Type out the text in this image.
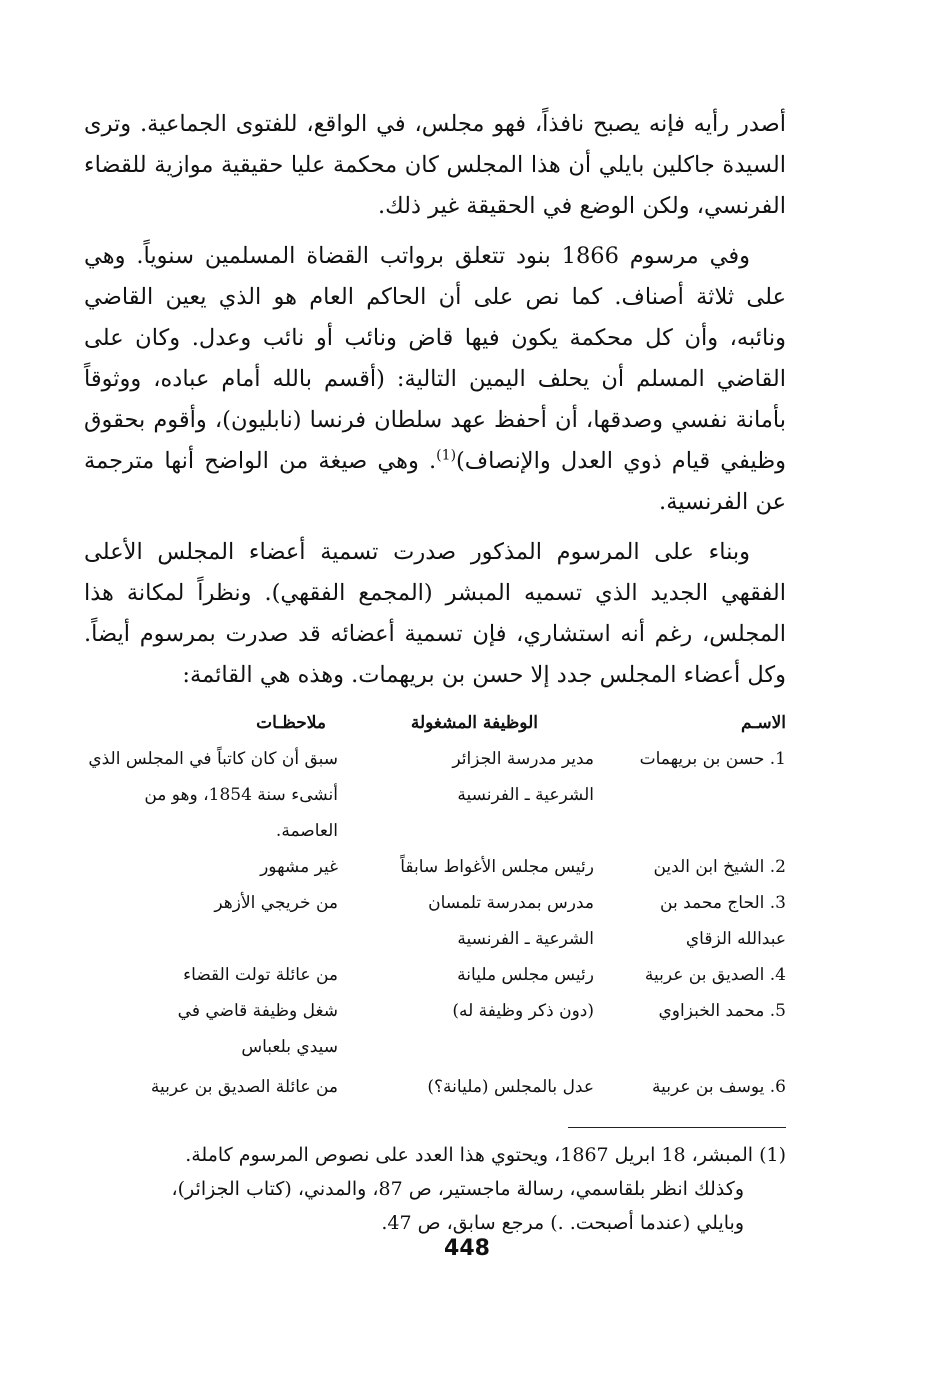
أصدر رأيه فإنه يصبح نافذاً، فهو مجلس، في الواقع، للفتوى الجماعية. وترى السيدة جاكلين بايلي أن هذا المجلس كان محكمة عليا حقيقية موازية للقضاء الفرنسي، ولكن الوضع في الحقيقة غير ذلك.

وفي مرسوم 1866 بنود تتعلق برواتب القضاة المسلمين سنوياً. وهي على ثلاثة أصناف. كما نص على أن الحاكم العام هو الذي يعين القاضي ونائبه، وأن كل محكمة يكون فيها قاض ونائب أو نائب وعدل. وكان على القاضي المسلم أن يحلف اليمين التالية: (أقسم بالله أمام عباده، ووثوقاً بأمانة نفسي وصدقها، أن أحفظ عهد سلطان فرنسا (نابليون)، وأقوم بحقوق وظيفي قيام ذوي العدل والإنصاف)$^{(1)}$. وهي صيغة من الواضح أنها مترجمة عن الفرنسية.

وبناء على المرسوم المذكور صدرت تسمية أعضاء المجلس الأعلى الفقهي الجديد الذي تسميه المبشر (المجمع الفقهي). ونظراً لمكانة هذا المجلس، رغم أنه استشاري، فإن تسمية أعضائه قد صدرت بمرسوم أيضاً. وكل أعضاء المجلس جدد إلا حسن بن بريهمات. وهذه هي القائمة:

الاسـم
الوظيفة المشغولة
ملاحظـات
1. حسن بن بريهمات
مدير مدرسة الجزائر
سبق أن كان كاتباً في المجلس الذي
الشرعية ـ الفرنسية
أنشىء سنة 1854، وهو من العاصمة.
2. الشيخ ابن الدين
رئيس مجلس الأغواط سابقاً
غير مشهور
3. الحاج محمد بن
مدرس بمدرسة تلمسان
من خريجي الأزهر
عبدالله الزقاي
الشرعية ـ الفرنسية
4. الصديق بن عربية
رئيس مجلس مليانة
من عائلة تولت القضاء
5. محمد الخبزاوي
(دون ذكر وظيفة له)
شغل وظيفة قاضي في
سيدي بلعباس
6. يوسف بن عربية
عدل بالمجلس (مليانة؟)
من عائلة الصديق بن عربية
(1) المبشر، 18 ابريل 1867، ويحتوي هذا العدد على نصوص المرسوم كاملة.
وكذلك انظر بلقاسمي، رسالة ماجستير، ص 87، والمدني، (كتاب الجزائر)،
وبايلي (عندما أصبحت. .) مرجع سابق، ص 47.
448
